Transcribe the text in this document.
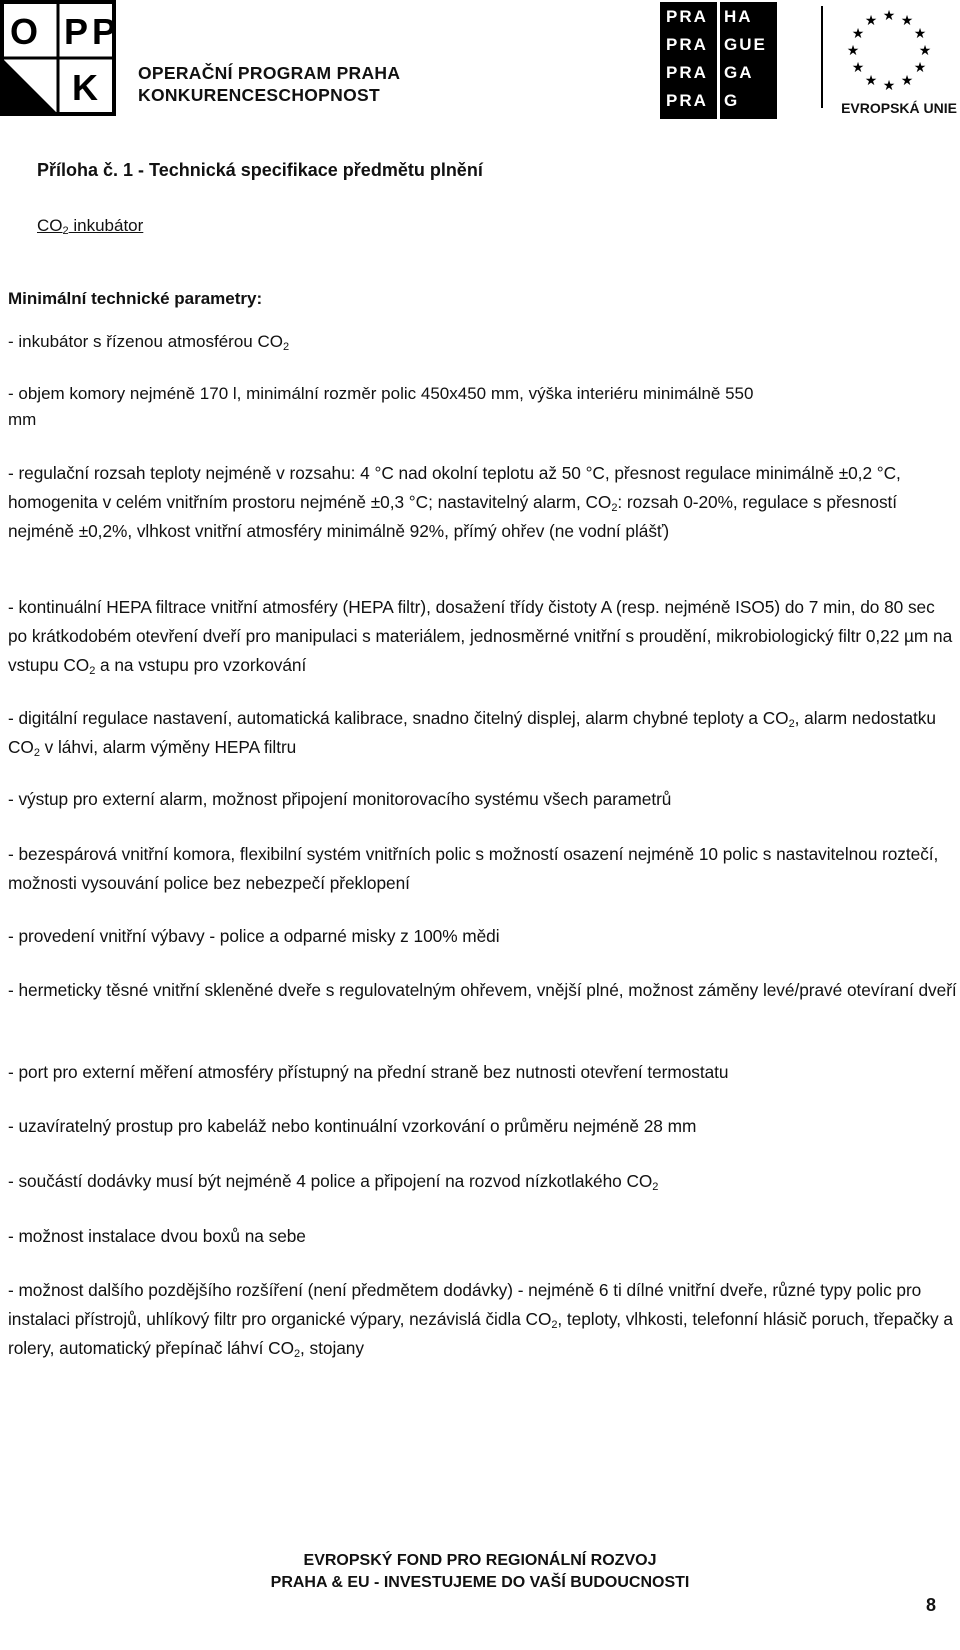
O P P
K OPERAČNÍ PROGRAM PRAHA
KONKURENCESCHOPNOST
PRA HA
PRA GUE
PRA GA
PRA G
★ ★
★
★
★
★
★
★
★
★
★
★
EVROPSKÁ UNIE
Příloha č. 1 - Technická specifikace předmětu plnění
$CO_2$ inkubátor
Minimální technické parametry:
- inkubátor s řízenou atmosférou $CO_2$
- objem komory nejméně 170 l, minimální rozměr polic 450x450 mm, výška interiéru minimálně 550
mm
- regulační rozsah teploty nejméně v rozsahu: 4 °C nad okolní teplotu až 50 °C, přesnost regulace minimálně ±0,2 °C, homogenita v celém vnitřním prostoru nejméně ±0,3 °C; nastavitelný alarm, $CO_2$: rozsah 0-20%, regulace s přesností nejméně ±0,2%, vlhkost vnitřní atmosféry minimálně 92%, přímý ohřev (ne vodní plášť)
- kontinuální HEPA filtrace vnitřní atmosféry (HEPA filtr), dosažení třídy čistoty A (resp. nejméně ISO5) do 7 min, do 80 sec po krátkodobém otevření dveří pro manipulaci s materiálem, jednosměrné vnitřní s proudění, mikrobiologický filtr 0,22 µm na vstupu $CO_2$ a na vstupu pro vzorkování
- digitální regulace nastavení, automatická kalibrace, snadno čitelný displej, alarm chybné teploty a $CO_2$, alarm nedostatku $CO_2$ v láhvi, alarm výměny HEPA filtru
- výstup pro externí alarm, možnost připojení monitorovacího systému všech parametrů
- bezespárová vnitřní komora, flexibilní systém vnitřních polic s možností osazení nejméně 10 polic s nastavitelnou roztečí, možnosti vysouvání police bez nebezpečí překlopení
- provedení vnitřní výbavy - police a odparné misky z 100% mědi
- hermeticky těsné vnitřní skleněné dveře s regulovatelným ohřevem, vnější plné, možnost záměny levé/pravé otevíraní dveří
- port pro externí měření atmosféry přístupný na přední straně bez nutnosti otevření termostatu
- uzavíratelný prostup pro kabeláž nebo kontinuální vzorkování o průměru nejméně 28 mm
- součástí dodávky musí být nejméně 4 police a připojení na rozvod nízkotlakého $CO_2$
- možnost instalace dvou boxů na sebe
- možnost dalšího pozdějšího rozšíření (není předmětem dodávky) - nejméně 6 ti dílné vnitřní dveře, různé typy polic pro instalaci přístrojů, uhlíkový filtr pro organické výpary, nezávislá čidla $CO_2$, teploty, vlhkosti, telefonní hlásič poruch, třepačky a rolery, automatický přepínač láhví $CO_2$, stojany
EVROPSKÝ FOND PRO REGIONÁLNÍ ROZVOJ
PRAHA & EU - INVESTUJEME DO VAŠÍ BUDOUCNOSTI
8
